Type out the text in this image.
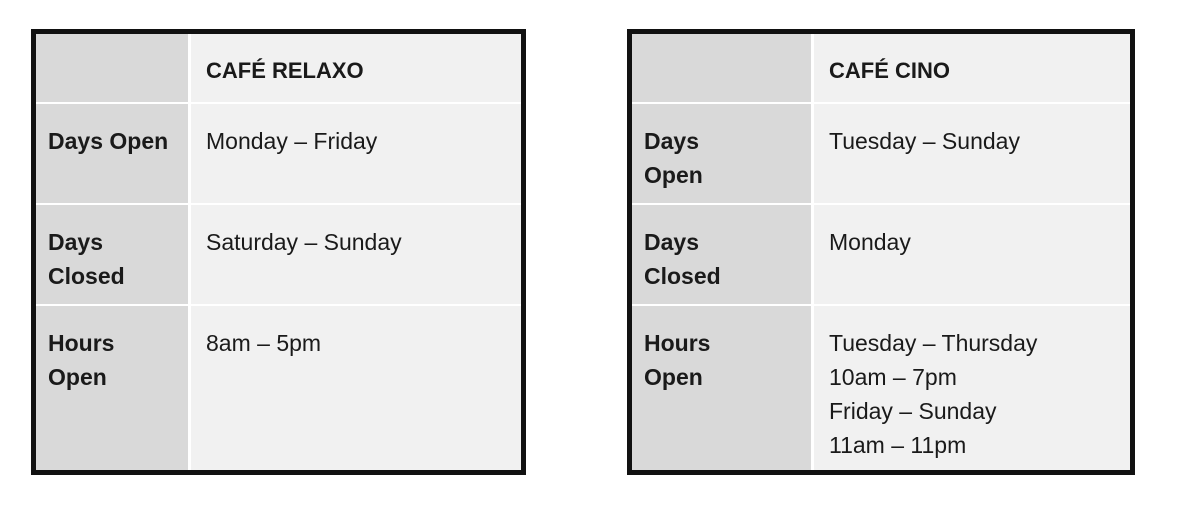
CAFÉ RELAXO
Days Open	Monday – Friday
Days
Closed
Saturday – Sunday
Hours
Open
8am – 5pm
CAFÉ CINO
Days
Open
Tuesday – Sunday
Days
Closed
Monday
Hours
Open
Tuesday – Thursday
10am – 7pm
Friday – Sunday
11am – 11pm
